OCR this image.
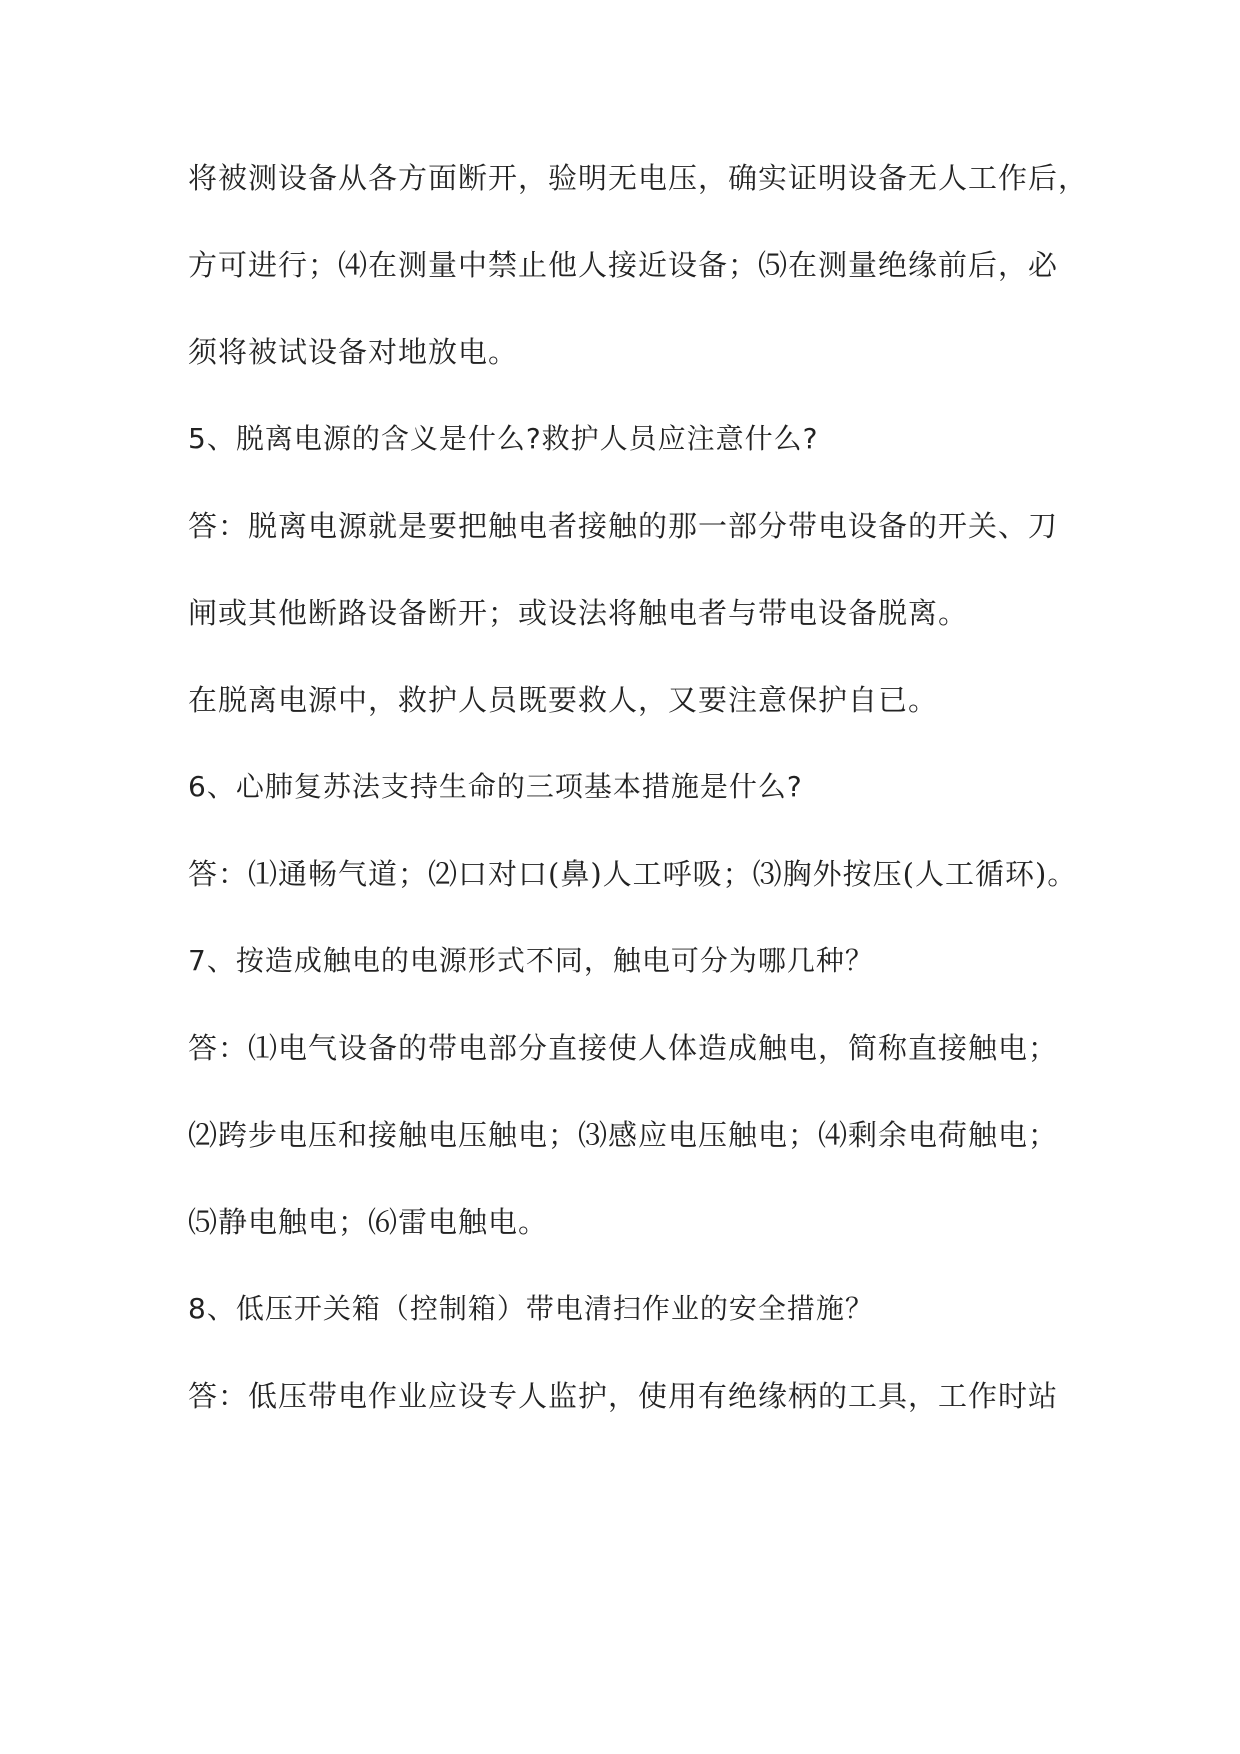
将被测设备从各方面断开，验明无电压，确实证明设备无人工作后，
方可进行；⑷在测量中禁止他人接近设备；⑸在测量绝缘前后，必
须将被试设备对地放电。
5、脱离电源的含义是什么?救护人员应注意什么?
答：脱离电源就是要把触电者接触的那一部分带电设备的开关、刀
闸或其他断路设备断开；或设法将触电者与带电设备脱离。
在脱离电源中，救护人员既要救人，又要注意保护自已。
6、心肺复苏法支持生命的三项基本措施是什么?
答：⑴通畅气道；⑵口对口(鼻)人工呼吸；⑶胸外按压(人工循环)。
7、按造成触电的电源形式不同，触电可分为哪几种？
答：⑴电气设备的带电部分直接使人体造成触电，简称直接触电；
⑵跨步电压和接触电压触电；⑶感应电压触电；⑷剩余电荷触电；
⑸静电触电；⑹雷电触电。
8、低压开关箱（控制箱）带电清扫作业的安全措施？
答：低压带电作业应设专人监护，使用有绝缘柄的工具，工作时站
